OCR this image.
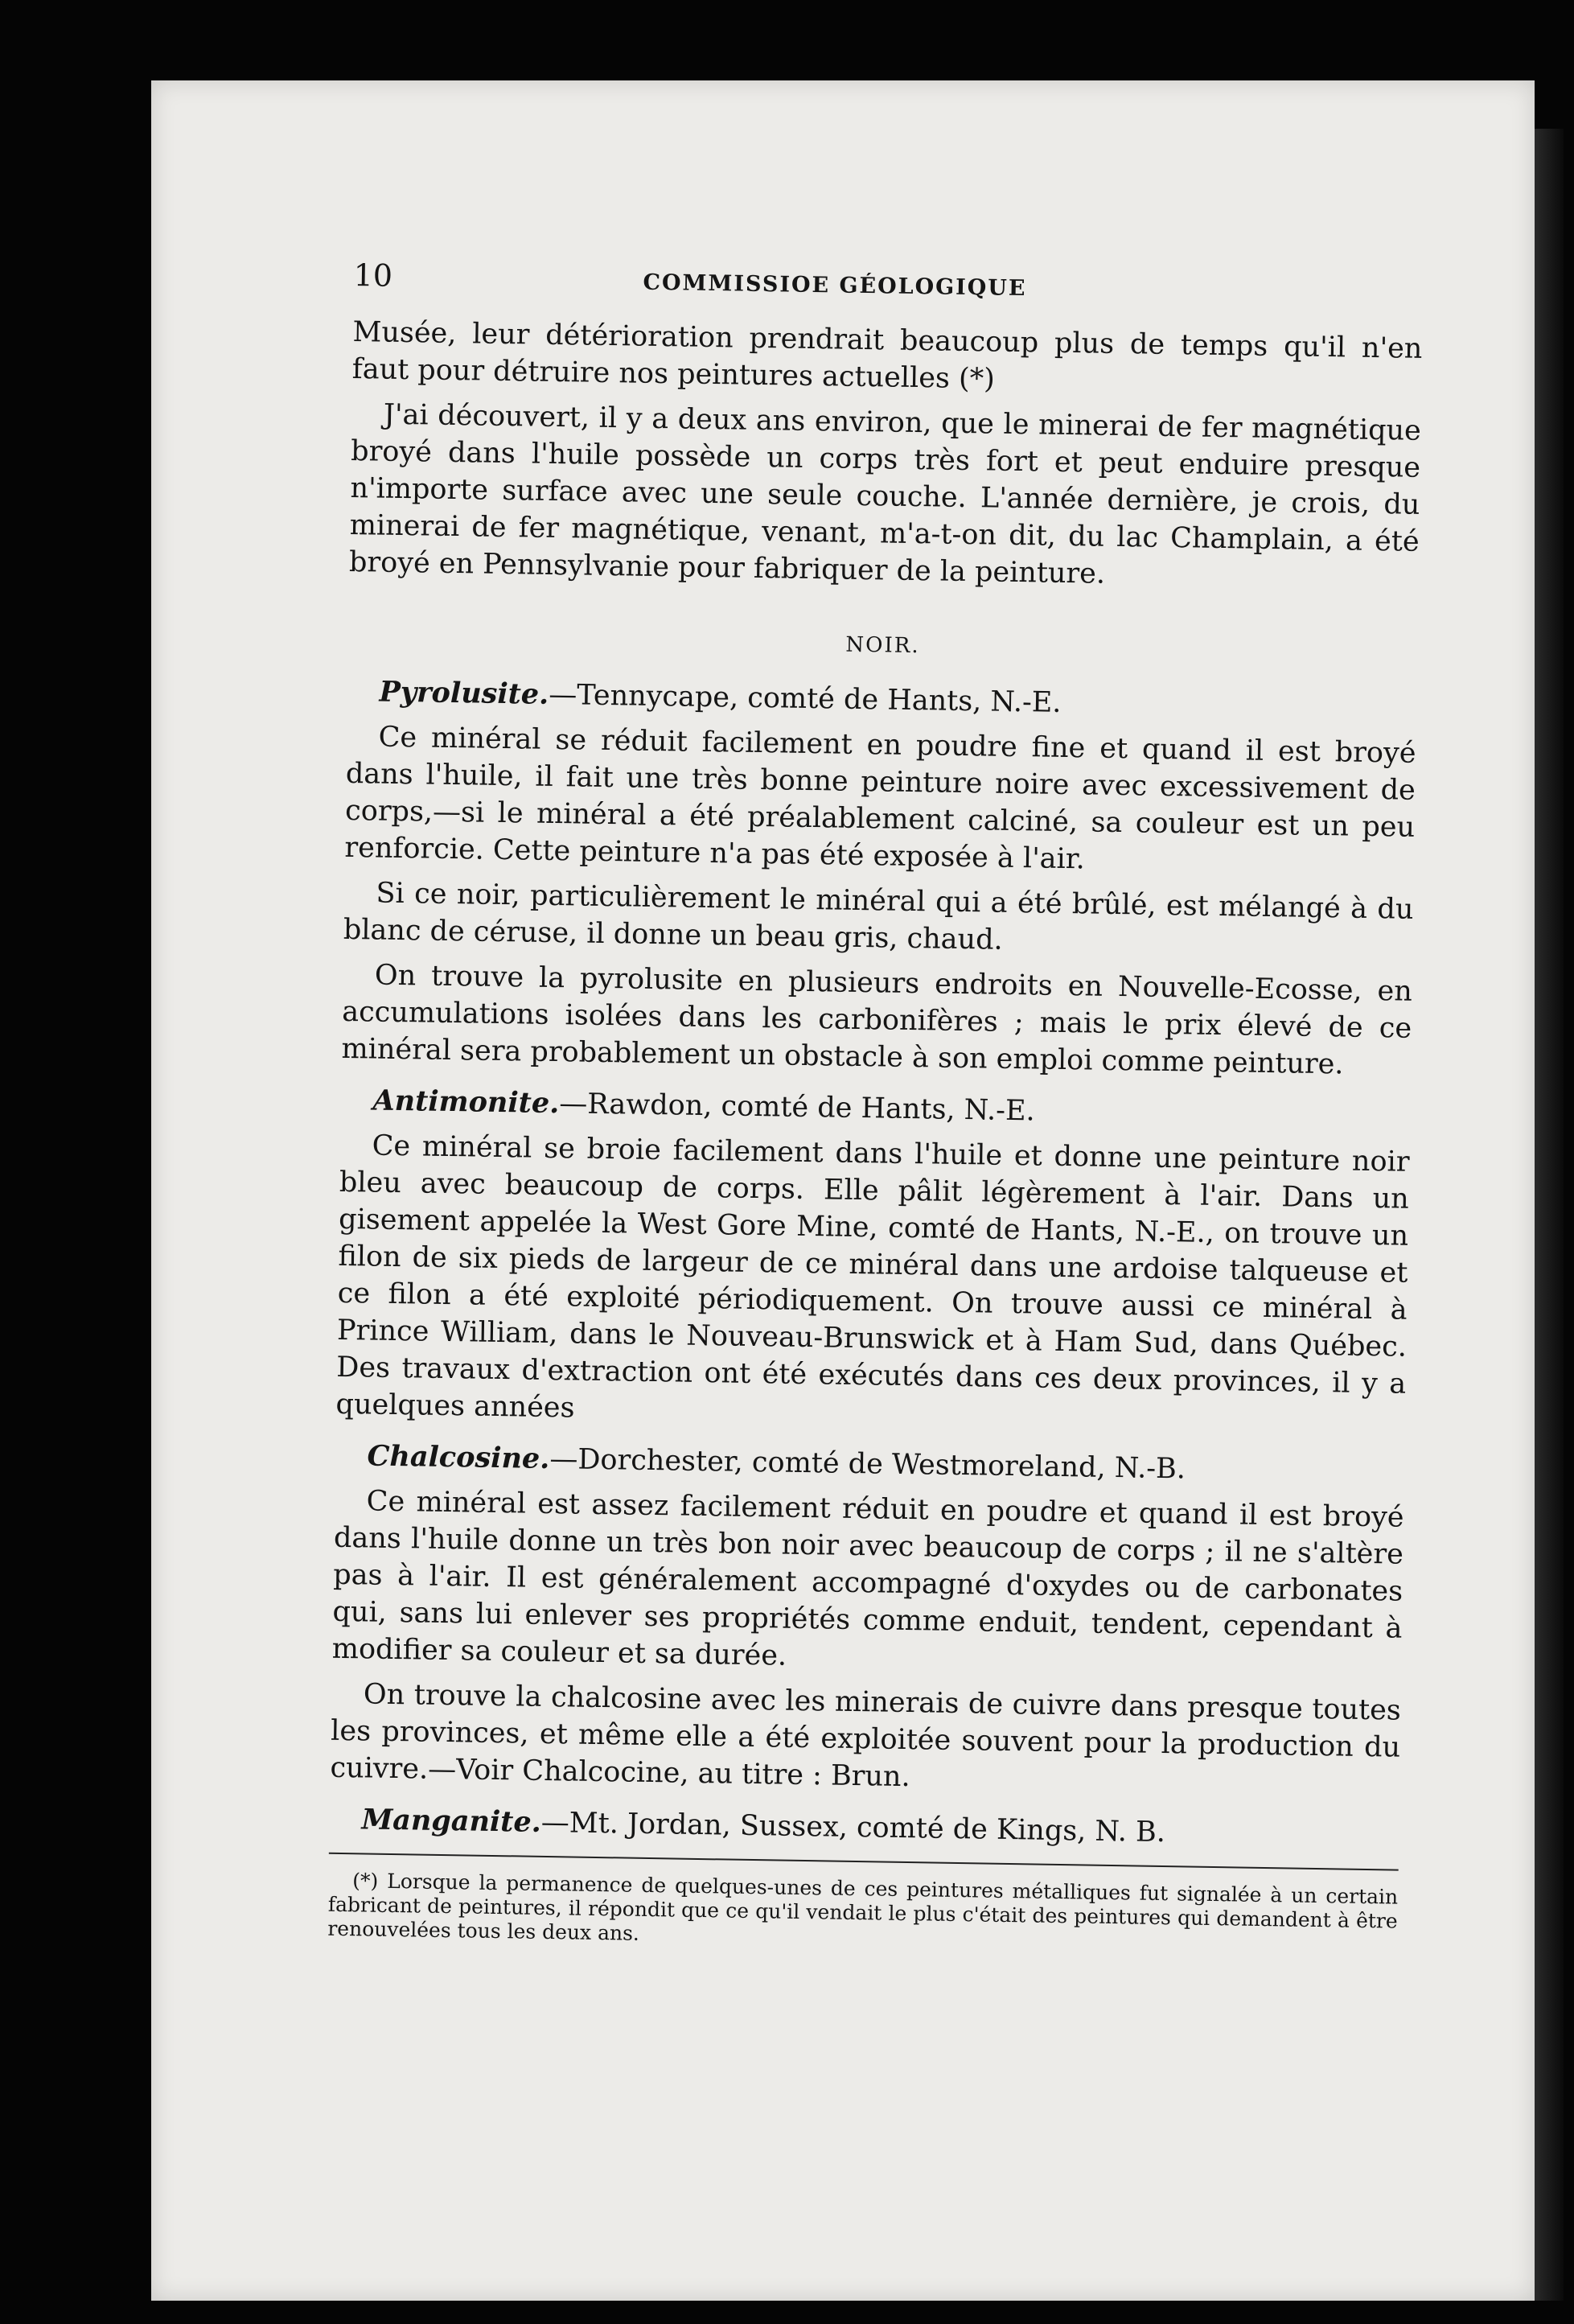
10	COMMISSIOE GÉOLOGIQUE

Musée, leur détérioration prendrait beaucoup plus de temps qu'il n'en faut pour détruire nos peintures actuelles (*)

J'ai découvert, il y a deux ans environ, que le minerai de fer magnétique broyé dans l'huile possède un corps très fort et peut enduire presque n'importe surface avec une seule couche. L'année dernière, je crois, du minerai de fer magnétique, venant, m'a-t-on dit, du lac Champlain, a été broyé en Pennsylvanie pour fabriquer de la peinture.

NOIR.
Pyrolusite.—Tennycape, comté de Hants, N.-E.

Ce minéral se réduit facilement en poudre fine et quand il est broyé dans l'huile, il fait une très bonne peinture noire avec excessivement de corps,—si le minéral a été préalablement calciné, sa couleur est un peu renforcie. Cette peinture n'a pas été exposée à l'air.

Si ce noir, particulièrement le minéral qui a été brûlé, est mélangé à du blanc de céruse, il donne un beau gris, chaud.

On trouve la pyrolusite en plusieurs endroits en Nouvelle-Ecosse, en accumulations isolées dans les carbonifères ; mais le prix élevé de ce minéral sera probablement un obstacle à son emploi comme peinture.

Antimonite.—Rawdon, comté de Hants, N.-E.

Ce minéral se broie facilement dans l'huile et donne une peinture noir bleu avec beaucoup de corps. Elle pâlit légèrement à l'air. Dans un gisement appelée la West Gore Mine, comté de Hants, N.-E., on trouve un filon de six pieds de largeur de ce minéral dans une ardoise talqueuse et ce filon a été exploité périodiquement. On trouve aussi ce minéral à Prince William, dans le Nouveau-Brunswick et à Ham Sud, dans Québec. Des travaux d'extraction ont été exécutés dans ces deux provinces, il y a quelques années

Chalcosine.—Dorchester, comté de Westmoreland, N.-B.

Ce minéral est assez facilement réduit en poudre et quand il est broyé dans l'huile donne un très bon noir avec beaucoup de corps ; il ne s'altère pas à l'air. Il est généralement accompagné d'oxydes ou de carbonates qui, sans lui enlever ses propriétés comme enduit, tendent, cependant à modifier sa couleur et sa durée.

On trouve la chalcosine avec les minerais de cuivre dans presque toutes les provinces, et même elle a été exploitée souvent pour la production du cuivre.—Voir Chalcocine, au titre : Brun.

Manganite.—Mt. Jordan, Sussex, comté de Kings, N. B.

(*) Lorsque la permanence de quelques-unes de ces peintures métalliques fut signalée à un certain fabricant de peintures, il répondit que ce qu'il vendait le plus c'était des peintures qui demandent à être renouvelées tous les deux ans.
